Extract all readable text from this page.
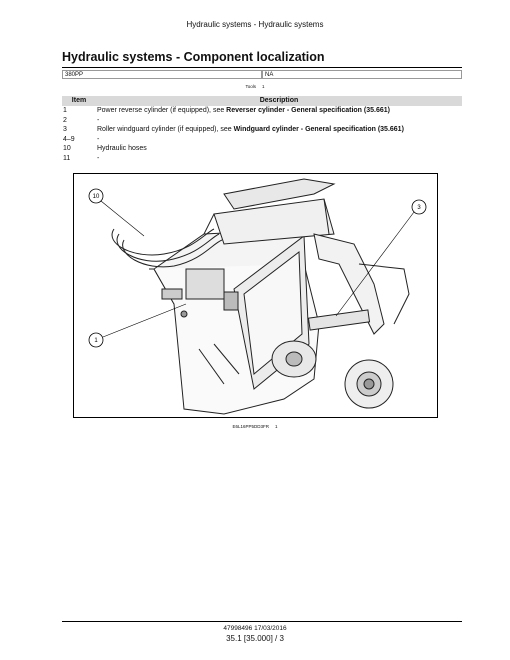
Hydraulic systems - Hydraulic systems
Hydraulic systems - Component localization
380PP	NA
Tools 1
Item	Description
1	Power reverse cylinder (if equipped), see Reverser cylinder - General specification (35.661)
2	-
3	Roller windguard cylinder (if equipped), see Windguard cylinder - General specification (35.661)
4–9	-
10	Hydraulic hoses
11	-
10
3
1
E6L16PP5DD3FR 1
47998496 17/03/2016
35.1 [35.000] / 3
